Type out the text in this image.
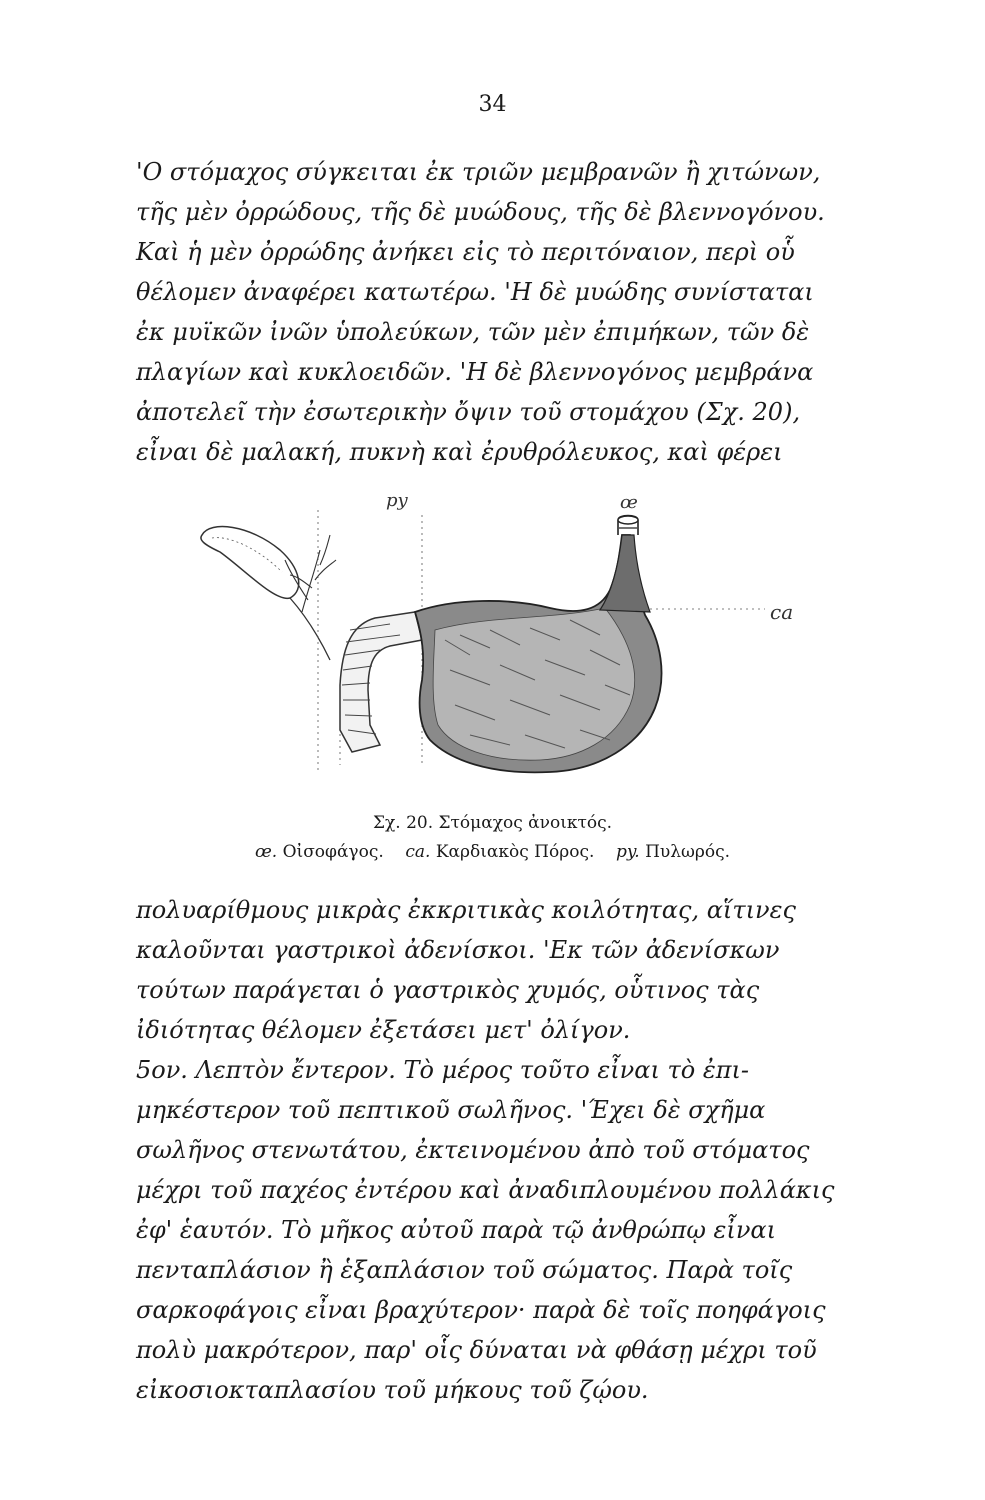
34

'Ο στόμαχος σύγκειται ἐκ τριῶν μεμβρανῶν ἢ χιτώνων,
τῆς μὲν ὀρρώδους, τῆς δὲ μυώδους, τῆς δὲ βλεννογόνου.
Καὶ ἡ μὲν ὀρρώδης ἀνήκει εἰς τὸ περιτόναιον, περὶ οὗ
θέλομεν ἀναφέρει κατωτέρω. 'Η δὲ μυώδης συνίσταται
ἐκ μυϊκῶν ἰνῶν ὑπολεύκων, τῶν μὲν ἐπιμήκων, τῶν δὲ
πλαγίων καὶ κυκλοειδῶν. 'Η δὲ βλεννογόνος μεμβράνα
ἀποτελεῖ τὴν ἐσωτερικὴν ὄψιν τοῦ στομάχου (Σχ. 20),
εἶναι δὲ μαλακή, πυκνὴ καὶ ἐρυθρόλευκος, καὶ φέρει

py	œ
ca
Σχ. 20. Στόμαχος ἀνοικτός.
œ. Οἰσοφάγος. ca. Καρδιακὸς Πόρος. py. Πυλωρός.

πολυαρίθμους μικρὰς ἐκκριτικὰς κοιλότητας, αἵτινες
καλοῦνται γαστρικοὶ ἀδενίσκοι. 'Εκ τῶν ἀδενίσκων
τούτων παράγεται ὁ γαστρικὸς χυμός, οὗτινος τὰς
ἰδιότητας θέλομεν ἐξετάσει μετ' ὀλίγον.
5ον. Λεπτὸν ἔντερον. Τὸ μέρος τοῦτο εἶναι τὸ ἐπι-
μηκέστερον τοῦ πεπτικοῦ σωλῆνος. 'Έχει δὲ σχῆμα
σωλῆνος στενωτάτου, ἐκτεινομένου ἀπὸ τοῦ στόματος
μέχρι τοῦ παχέος ἐντέρου καὶ ἀναδιπλουμένου πολλάκις
ἐφ' ἑαυτόν. Τὸ μῆκος αὐτοῦ παρὰ τῷ ἀνθρώπῳ εἶναι
πενταπλάσιον ἢ ἑξαπλάσιον τοῦ σώματος. Παρὰ τοῖς
σαρκοφάγοις εἶναι βραχύτερον· παρὰ δὲ τοῖς ποηφάγοις
πολὺ μακρότερον, παρ' οἷς δύναται νὰ φθάσῃ μέχρι τοῦ
εἰκοσιοκταπλασίου τοῦ μήκους τοῦ ζῴου.
